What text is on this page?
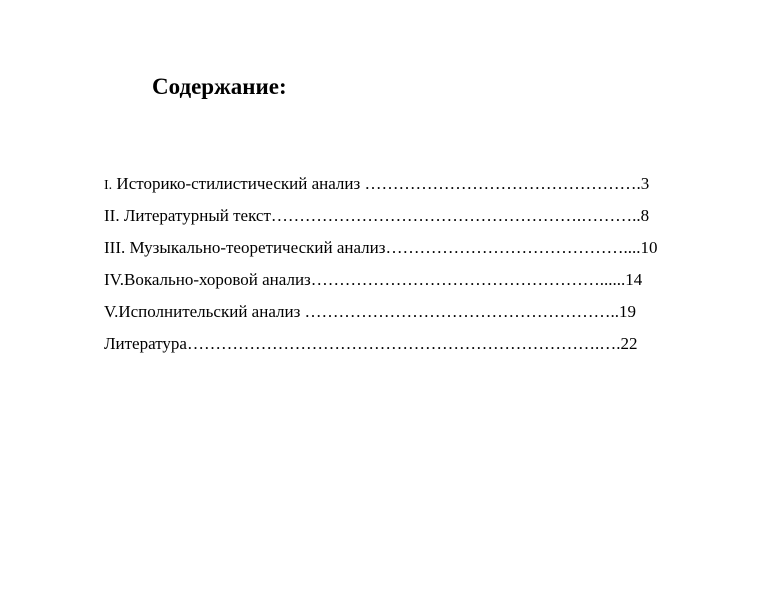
Содержание:
I. Историко-стилистический анализ ………………………………………….3
II. Литературный текст……………………………………………….………..8
III. Музыкально-теоретический анализ……………………………………....10
IV.Вокально-хоровой анализ……………………………………………......14
V.Исполнительский анализ ………………………………………………..19
Литература……………………………………………………………….….22
